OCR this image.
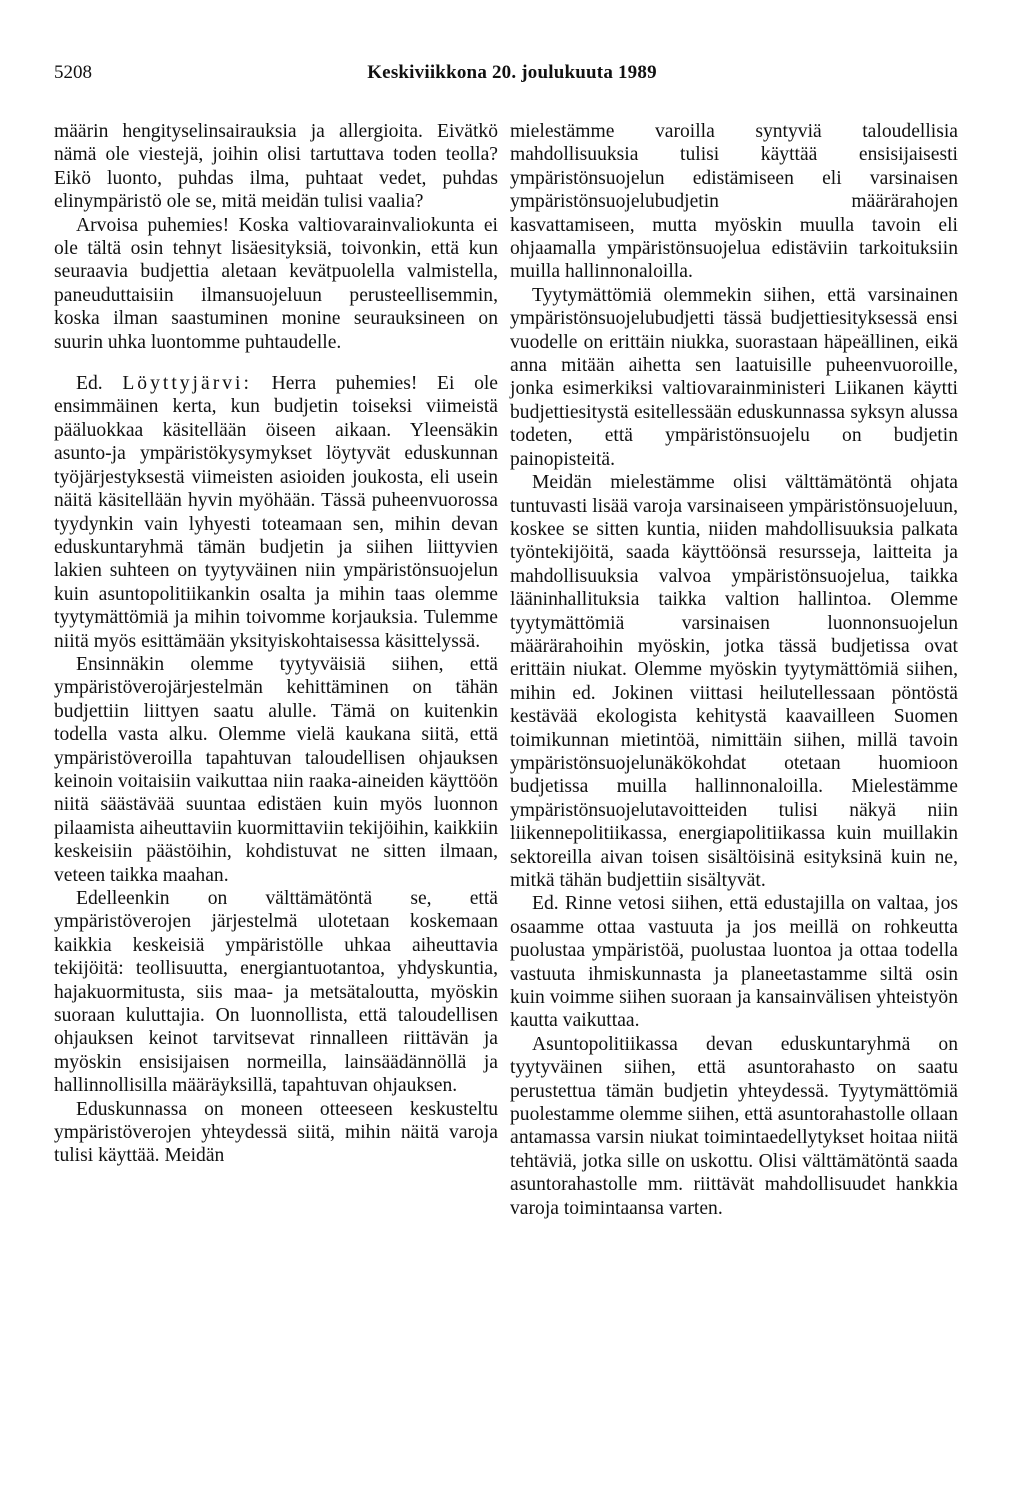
5208	Keskiviikkona 20. joulukuuta 1989

määrin hengityselinsairauksia ja allergioita. Eivätkö nämä ole viestejä, joihin olisi tartuttava toden teolla? Eikö luonto, puhdas ilma, puhtaat vedet, puhdas elinympäristö ole se, mitä meidän tulisi vaalia?

Arvoisa puhemies! Koska valtiovarainvaliokunta ei ole tältä osin tehnyt lisäesityksiä, toivonkin, että kun seuraavia budjettia aletaan kevätpuolella valmistella, paneuduttaisiin ilmansuojeluun perusteellisemmin, koska ilman saastuminen monine seurauksineen on suurin uhka luontomme puhtaudelle.

Ed. Löyttyjärvi: Herra puhemies! Ei ole ensimmäinen kerta, kun budjetin toiseksi viimeistä pääluokkaa käsitellään öiseen aikaan. Yleensäkin asunto-ja ympäristökysymykset löytyvät eduskunnan työjärjestyksestä viimeisten asioiden joukosta, eli usein näitä käsitellään hyvin myöhään. Tässä puheenvuorossa tyydynkin vain lyhyesti toteamaan sen, mihin devan eduskuntaryhmä tämän budjetin ja siihen liittyvien lakien suhteen on tyytyväinen niin ympäristönsuojelun kuin asuntopolitiikankin osalta ja mihin taas olemme tyytymättömiä ja mihin toivomme korjauksia. Tulemme niitä myös esittämään yksityiskohtaisessa käsittelyssä.

Ensinnäkin olemme tyytyväisiä siihen, että ympäristöverojärjestelmän kehittäminen on tähän budjettiin liittyen saatu alulle. Tämä on kuitenkin todella vasta alku. Olemme vielä kaukana siitä, että ympäristöveroilla tapahtuvan taloudellisen ohjauksen keinoin voitaisiin vaikuttaa niin raaka-aineiden käyttöön niitä säästävää suuntaa edistäen kuin myös luonnon pilaamista aiheuttaviin kuormittaviin tekijöihin, kaikkiin keskeisiin päästöihin, kohdistuvat ne sitten ilmaan, veteen taikka maahan.

Edelleenkin on välttämätöntä se, että ympäristöverojen järjestelmä ulotetaan koskemaan kaikkia keskeisiä ympäristölle uhkaa aiheuttavia tekijöitä: teollisuutta, energiantuotantoa, yhdyskuntia, hajakuormitusta, siis maa- ja metsätaloutta, myöskin suoraan kuluttajia. On luonnollista, että taloudellisen ohjauksen keinot tarvitsevat rinnalleen riittävän ja myöskin ensisijaisen normeilla, lainsäädännöllä ja hallinnollisilla määräyksillä, tapahtuvan ohjauksen.

Eduskunnassa on moneen otteeseen keskusteltu ympäristöverojen yhteydessä siitä, mihin näitä varoja tulisi käyttää. Meidän

mielestämme varoilla syntyviä taloudellisia mahdollisuuksia tulisi käyttää ensisijaisesti ympäristönsuojelun edistämiseen eli varsinaisen ympäristönsuojelubudjetin määrärahojen kasvattamiseen, mutta myöskin muulla tavoin eli ohjaamalla ympäristönsuojelua edistäviin tarkoituksiin muilla hallinnonaloilla.

Tyytymättömiä olemmekin siihen, että varsinainen ympäristönsuojelubudjetti tässä budjettiesityksessä ensi vuodelle on erittäin niukka, suorastaan häpeällinen, eikä anna mitään aihetta sen laatuisille puheenvuoroille, jonka esimerkiksi valtiovarainministeri Liikanen käytti budjettiesitystä esitellessään eduskunnassa syksyn alussa todeten, että ympäristönsuojelu on budjetin painopisteitä.

Meidän mielestämme olisi välttämätöntä ohjata tuntuvasti lisää varoja varsinaiseen ympäristönsuojeluun, koskee se sitten kuntia, niiden mahdollisuuksia palkata työntekijöitä, saada käyttöönsä resursseja, laitteita ja mahdollisuuksia valvoa ympäristönsuojelua, taikka lääninhallituksia taikka valtion hallintoa. Olemme tyytymättömiä varsinaisen luonnonsuojelun määrärahoihin myöskin, jotka tässä budjetissa ovat erittäin niukat. Olemme myöskin tyytymättömiä siihen, mihin ed. Jokinen viittasi heilutellessaan pöntöstä kestävää ekologista kehitystä kaavailleen Suomen toimikunnan mietintöä, nimittäin siihen, millä tavoin ympäristönsuojelunäkökohdat otetaan huomioon budjetissa muilla hallinnonaloilla. Mielestämme ympäristönsuojelutavoitteiden tulisi näkyä niin liikennepolitiikassa, energiapolitiikassa kuin muillakin sektoreilla aivan toisen sisältöisinä esityksinä kuin ne, mitkä tähän budjettiin sisältyvät.

Ed. Rinne vetosi siihen, että edustajilla on valtaa, jos osaamme ottaa vastuuta ja jos meillä on rohkeutta puolustaa ympäristöä, puolustaa luontoa ja ottaa todella vastuuta ihmiskunnasta ja planeetastamme siltä osin kuin voimme siihen suoraan ja kansainvälisen yhteistyön kautta vaikuttaa.

Asuntopolitiikassa devan eduskuntaryhmä on tyytyväinen siihen, että asuntorahasto on saatu perustettua tämän budjetin yhteydessä. Tyytymättömiä puolestamme olemme siihen, että asuntorahastolle ollaan antamassa varsin niukat toimintaedellytykset hoitaa niitä tehtäviä, jotka sille on uskottu. Olisi välttämätöntä saada asuntorahastolle mm. riittävät mahdollisuudet hankkia varoja toimintaansa varten.
